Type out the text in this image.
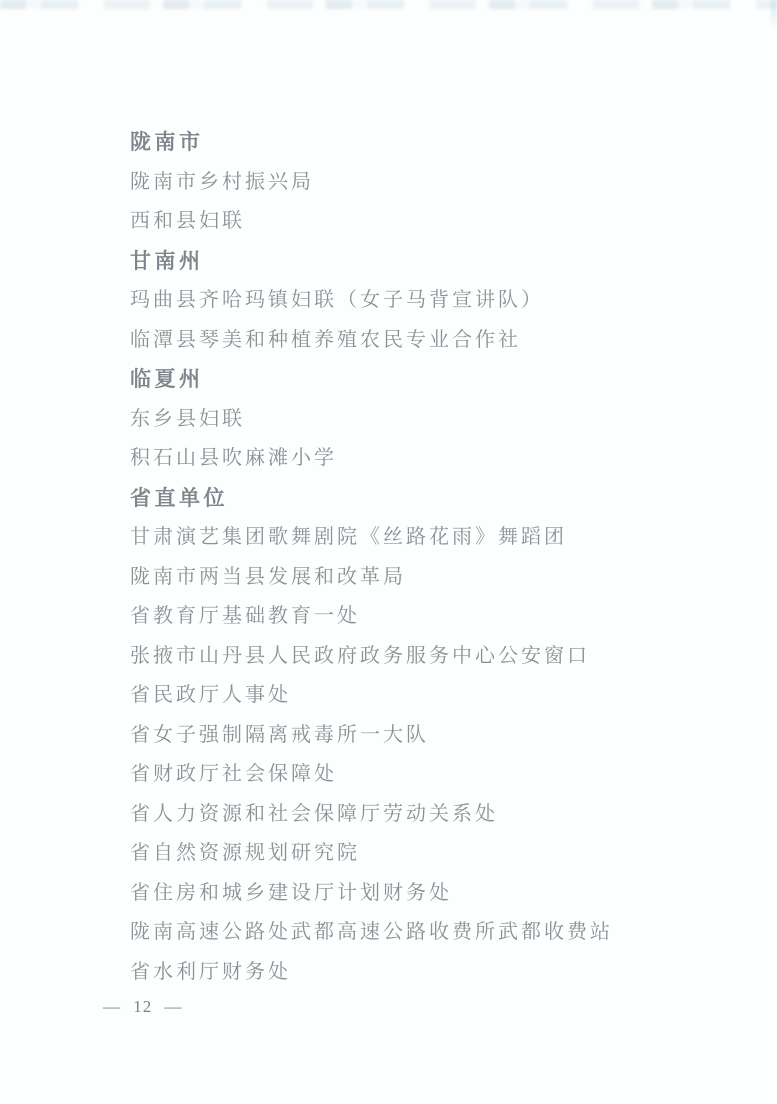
陇南市
陇南市乡村振兴局
西和县妇联
甘南州
玛曲县齐哈玛镇妇联（女子马背宣讲队）
临潭县琴美和种植养殖农民专业合作社
临夏州
东乡县妇联
积石山县吹麻滩小学
省直单位
甘肃演艺集团歌舞剧院《丝路花雨》舞蹈团
陇南市两当县发展和改革局
省教育厅基础教育一处
张掖市山丹县人民政府政务服务中心公安窗口
省民政厅人事处
省女子强制隔离戒毒所一大队
省财政厅社会保障处
省人力资源和社会保障厅劳动关系处
省自然资源规划研究院
省住房和城乡建设厅计划财务处
陇南高速公路处武都高速公路收费所武都收费站
省水利厅财务处
— 12 —
